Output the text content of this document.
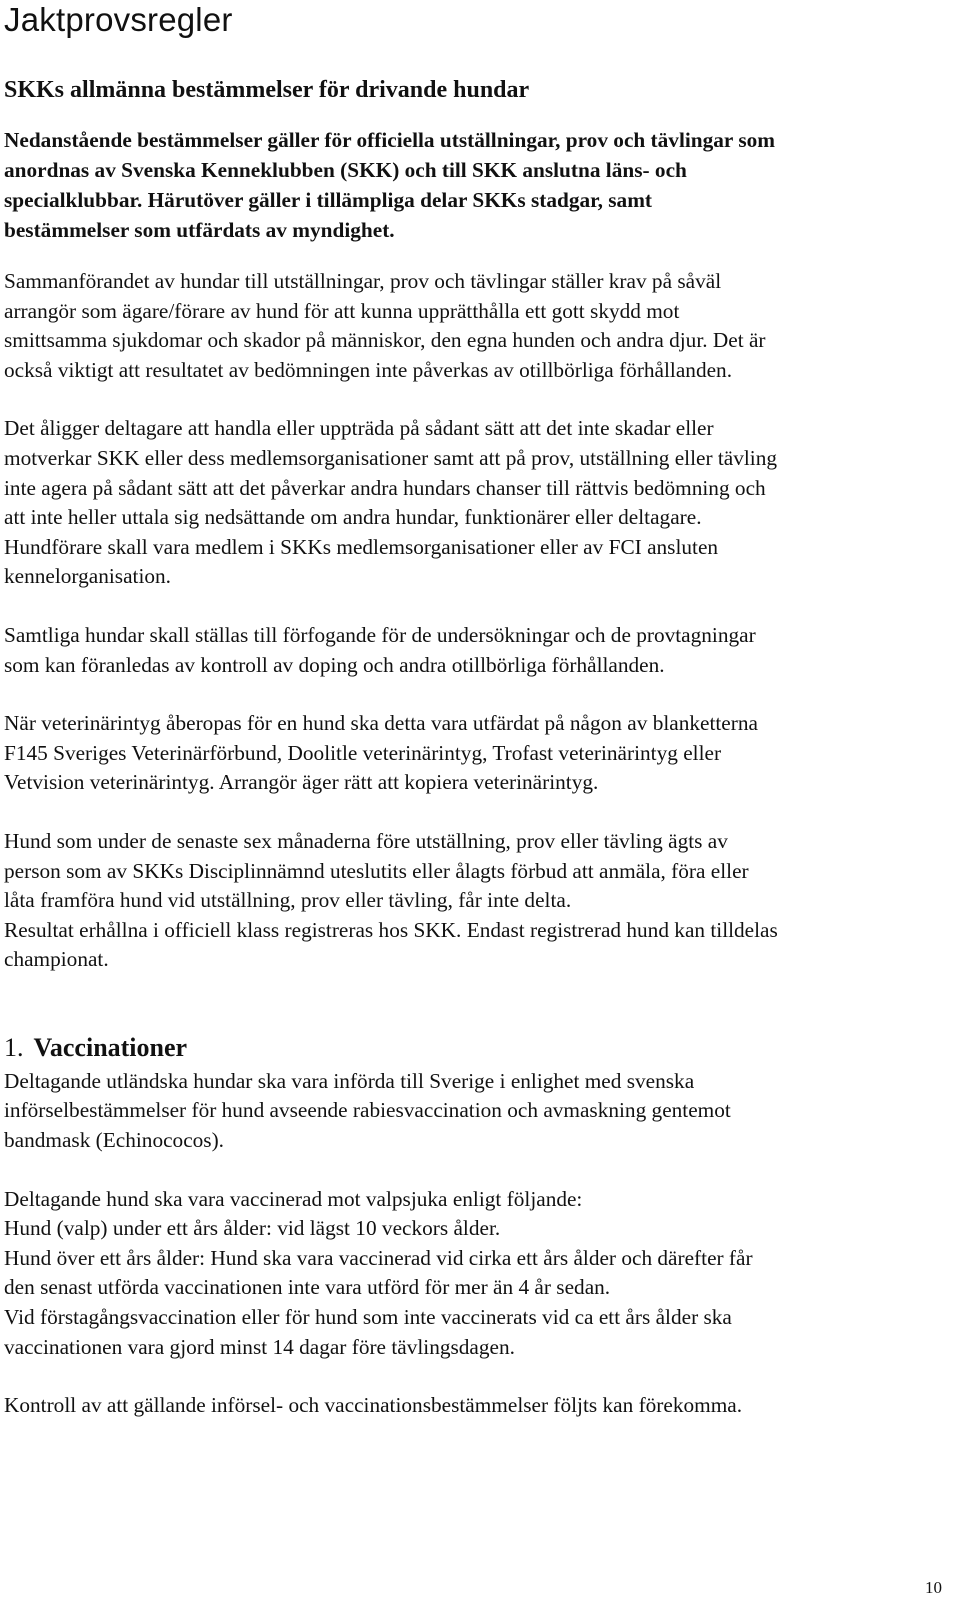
Jaktprovsregler
SKKs allmänna bestämmelser för drivande hundar

Nedanstående bestämmelser gäller för officiella utställningar, prov och tävlingar som
anordnas av Svenska Kenneklubben (SKK) och till SKK anslutna läns- och
specialklubbar. Härutöver gäller i tillämpliga delar SKKs stadgar, samt
bestämmelser som utfärdats av myndighet.

Sammanförandet av hundar till utställningar, prov och tävlingar ställer krav på såväl
arrangör som ägare/förare av hund för att kunna upprätthålla ett gott skydd mot
smittsamma sjukdomar och skador på människor, den egna hunden och andra djur. Det är
också viktigt att resultatet av bedömningen inte påverkas av otillbörliga förhållanden.

Det åligger deltagare att handla eller uppträda på sådant sätt att det inte skadar eller
motverkar SKK eller dess medlemsorganisationer samt att på prov, utställning eller tävling
inte agera på sådant sätt att det påverkar andra hundars chanser till rättvis bedömning och
att inte heller uttala sig nedsättande om andra hundar, funktionärer eller deltagare.
Hundförare skall vara medlem i SKKs medlemsorganisationer eller av FCI ansluten
kennelorganisation.

Samtliga hundar skall ställas till förfogande för de undersökningar och de provtagningar
som kan föranledas av kontroll av doping och andra otillbörliga förhållanden.

När veterinärintyg åberopas för en hund ska detta vara utfärdat på någon av blanketterna
F145 Sveriges Veterinärförbund, Doolitle veterinärintyg, Trofast veterinärintyg eller
Vetvision veterinärintyg. Arrangör äger rätt att kopiera veterinärintyg.

Hund som under de senaste sex månaderna före utställning, prov eller tävling ägts av
person som av SKKs Disciplinnämnd uteslutits eller ålagts förbud att anmäla, föra eller
låta framföra hund vid utställning, prov eller tävling, får inte delta.
Resultat erhållna i officiell klass registreras hos SKK. Endast registrerad hund kan tilldelas
championat.

1. Vaccinationer

Deltagande utländska hundar ska vara införda till Sverige i enlighet med svenska
införselbestämmelser för hund avseende rabiesvaccination och avmaskning gentemot
bandmask (Echinococos).

Deltagande hund ska vara vaccinerad mot valpsjuka enligt följande:
Hund (valp) under ett års ålder: vid lägst 10 veckors ålder.
Hund över ett års ålder: Hund ska vara vaccinerad vid cirka ett års ålder och därefter får
den senast utförda vaccinationen inte vara utförd för mer än 4 år sedan.
Vid förstagångsvaccination eller för hund som inte vaccinerats vid ca ett års ålder ska
vaccinationen vara gjord minst 14 dagar före tävlingsdagen.

Kontroll av att gällande införsel- och vaccinationsbestämmelser följts kan förekomma.

10
